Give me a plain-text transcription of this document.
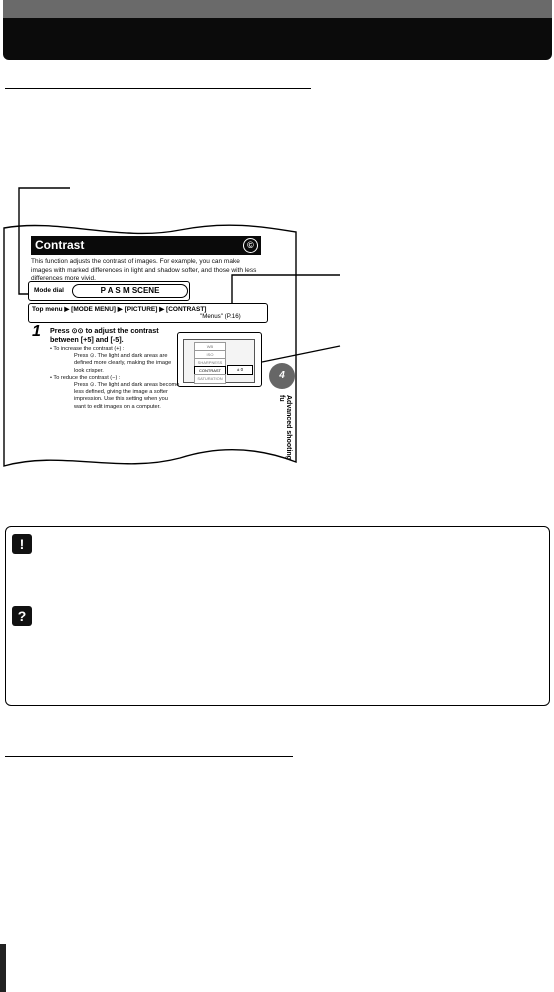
Contrast	©
This function adjusts the contrast of images. For example, you can make images with marked differences in light and shadow softer, and those with less differences more vivid.
Mode dial	P A S M SCENE
Top menu ▶ [MODE MENU] ▶ [PICTURE] ▶ [CONTRAST]
"Menus" (P.16)
1 Press ⊙⊙ to adjust the contrast between [+5] and [-5].
• To increase the contrast (+) :
Press ⊙. The light and dark areas are defined more clearly, making the image look crisper.
• To reduce the contrast (−) :
Press ⊙. The light and dark areas become less defined, giving the image a softer impression. Use this setting when you want to edit images on a computer.
WB
ISO
SHARPNESS
CONTRAST
SATURATION
± 0
4
Advanced shooting fu
!
?
